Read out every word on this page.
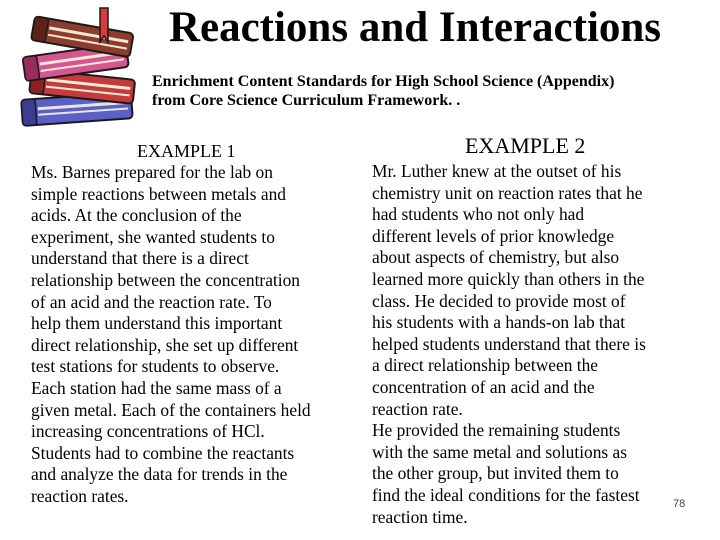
Reactions and Interactions
Enrichment Content Standards for High School Science (Appendix)
from Core Science Curriculum Framework. .
EXAMPLE 1
Ms. Barnes prepared for the lab on
simple reactions between metals and
acids. At the conclusion of the
experiment, she wanted students to
understand that there is a direct
relationship between the concentration
of an acid and the reaction rate. To
help them understand this important
direct relationship, she set up different
test stations for students to observe.
Each station had the same mass of a
given metal. Each of the containers held
increasing concentrations of HCl.
Students had to combine the reactants
and analyze the data for trends in the
reaction rates.
EXAMPLE 2
Mr. Luther knew at the outset of his
chemistry unit on reaction rates that he
had students who not only had
different levels of prior knowledge
about aspects of chemistry, but also
learned more quickly than others in the
class. He decided to provide most of
his students with a hands-on lab that
helped students understand that there is
a direct relationship between the
concentration of an acid and the
reaction rate.
He provided the remaining students
with the same metal and solutions as
the other group, but invited them to
find the ideal conditions for the fastest
reaction time.
78
